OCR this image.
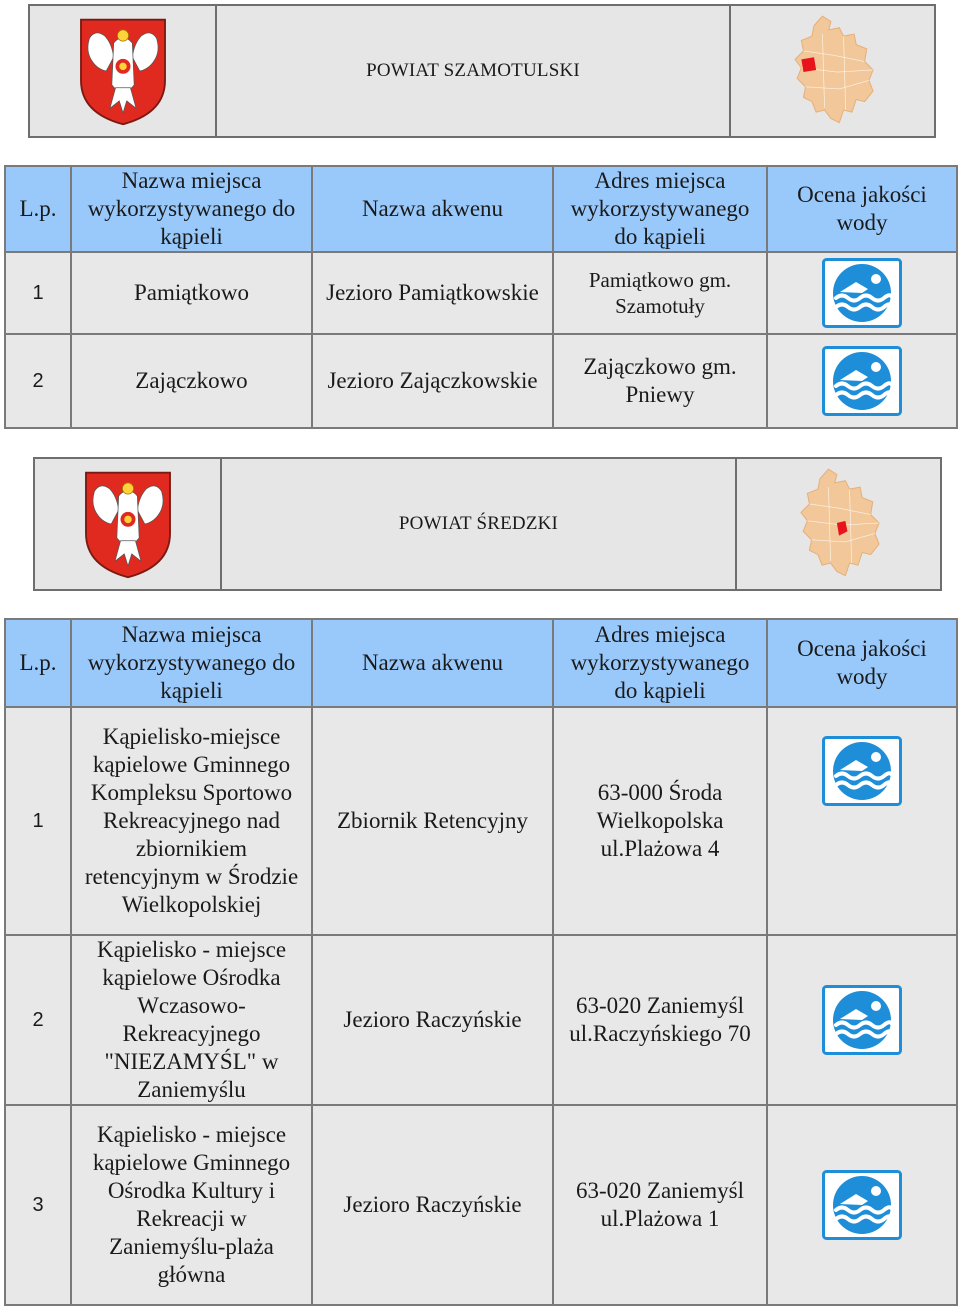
POWIAT SZAMOTULSKI
L.p.	Nazwa miejsca wykorzystywanego do kąpieli	Nazwa akwenu	Adres miejsca wykorzystywanego do kąpieli	Ocena jakości wody
1	Pamiątkowo	Jezioro Pamiątkowskie	Pamiątkowo gm. Szamotuły	

2	Zajączkowo	Jezioro Zajączkowskie	Zajączkowo gm. Pniewy	
POWIAT ŚREDZKI
L.p.	Nazwa miejsca wykorzystywanego do kąpieli	Nazwa akwenu	Adres miejsca wykorzystywanego do kąpieli	Ocena jakości wody
1	Kąpielisko-miejsce kąpielowe Gminnego Kompleksu Sportowo Rekreacyjnego nad zbiornikiem retencyjnym w Środzie Wielkopolskiej	Zbiornik Retencyjny	63-000 Środa Wielkopolska ul.Plażowa 4	

2	Kąpielisko - miejsce kąpielowe Ośrodka Wczasowo-Rekreacyjnego "NIEZAMYŚL" w Zaniemyślu	Jezioro Raczyńskie	63-020 Zaniemyśl ul.Raczyńskiego 70	

3	Kąpielisko - miejsce kąpielowe Gminnego Ośrodka Kultury i Rekreacji w Zaniemyślu-plaża główna	Jezioro Raczyńskie	63-020 Zaniemyśl ul.Plażowa 1	
